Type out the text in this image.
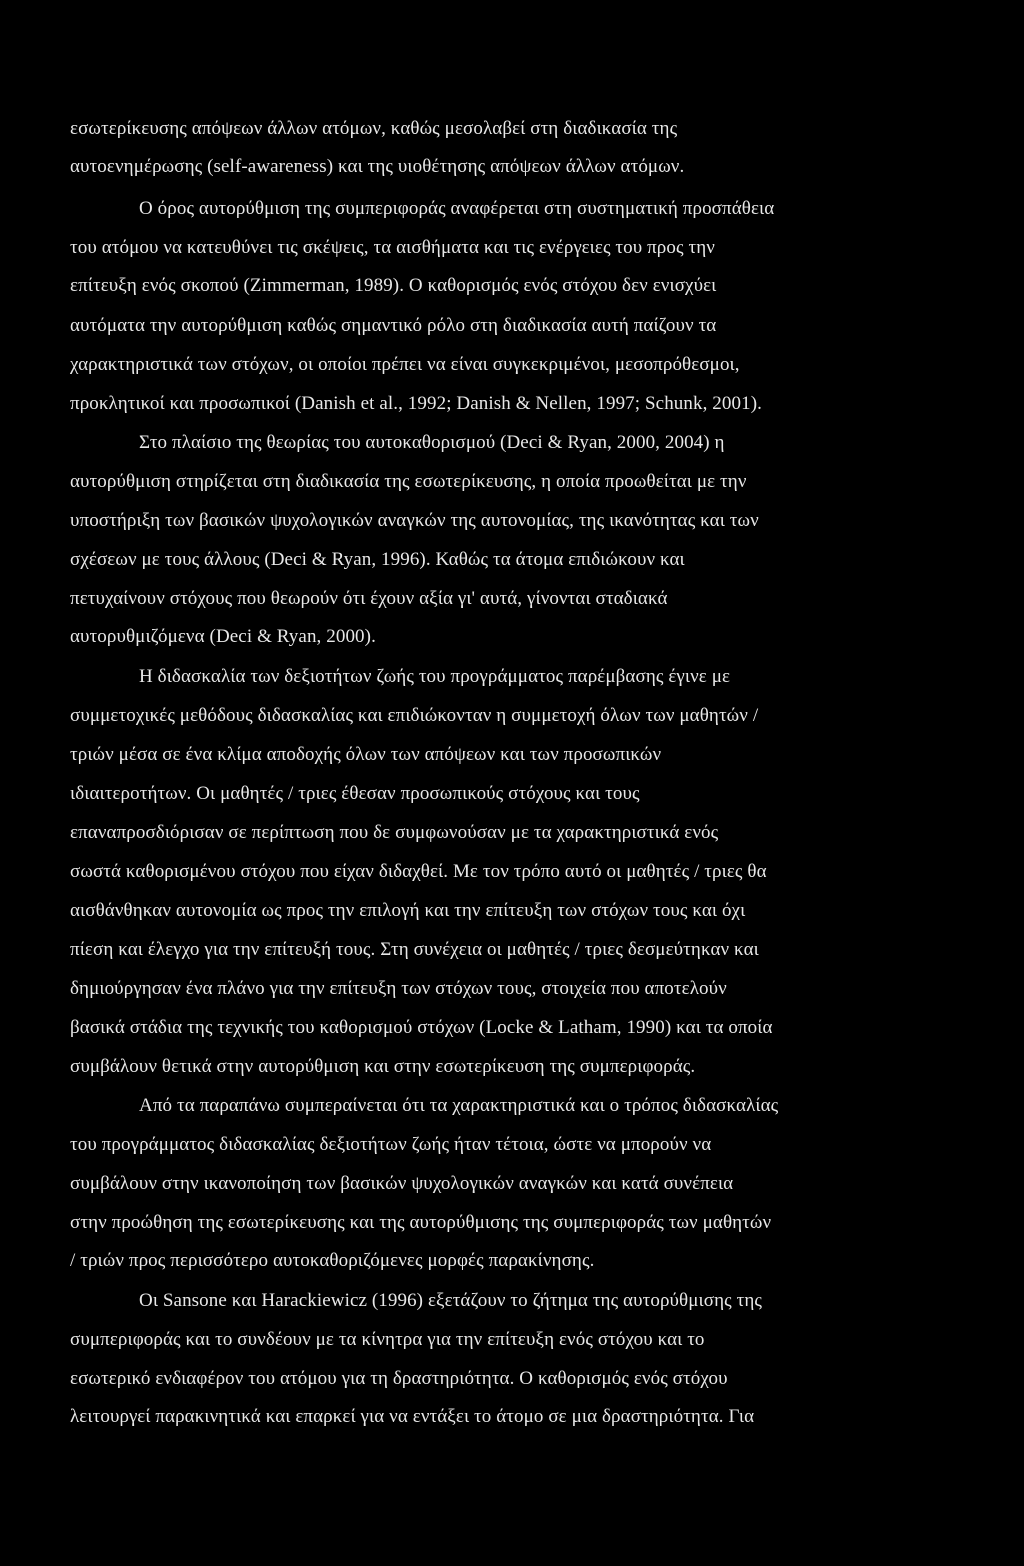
εσωτερίκευσης απόψεων άλλων ατόμων, καθώς μεσολαβεί στη διαδικασία της
αυτοενημέρωσης (self-awareness) και της υιοθέτησης απόψεων άλλων ατόμων.
Ο όρος αυτορύθμιση της συμπεριφοράς αναφέρεται στη συστηματική προσπάθεια
του ατόμου να κατευθύνει τις σκέψεις, τα αισθήματα και τις ενέργειες του προς την
επίτευξη ενός σκοπού (Zimmerman, 1989). Ο καθορισμός ενός στόχου δεν ενισχύει
αυτόματα την αυτορύθμιση καθώς σημαντικό ρόλο στη διαδικασία αυτή παίζουν τα
χαρακτηριστικά των στόχων, οι οποίοι πρέπει να είναι συγκεκριμένοι, μεσοπρόθεσμοι,
προκλητικοί και προσωπικοί (Danish et al., 1992; Danish & Nellen, 1997; Schunk, 2001).
Στο πλαίσιο της θεωρίας του αυτοκαθορισμού (Deci & Ryan, 2000, 2004) η
αυτορύθμιση στηρίζεται στη διαδικασία της εσωτερίκευσης, η οποία προωθείται με την
υποστήριξη των βασικών ψυχολογικών αναγκών της αυτονομίας, της ικανότητας και των
σχέσεων με τους άλλους (Deci & Ryan, 1996). Καθώς τα άτομα επιδιώκουν και
πετυχαίνουν στόχους που θεωρούν ότι έχουν αξία γι' αυτά, γίνονται σταδιακά
αυτορυθμιζόμενα (Deci & Ryan, 2000).
Η διδασκαλία των δεξιοτήτων ζωής του προγράμματος παρέμβασης έγινε με
συμμετοχικές μεθόδους διδασκαλίας και επιδιώκονταν η συμμετοχή όλων των μαθητών /
τριών μέσα σε ένα κλίμα αποδοχής όλων των απόψεων και των προσωπικών
ιδιαιτεροτήτων. Οι μαθητές / τριες έθεσαν προσωπικούς στόχους και τους
επαναπροσδιόρισαν σε περίπτωση που δε συμφωνούσαν με τα χαρακτηριστικά ενός
σωστά καθορισμένου στόχου που είχαν διδαχθεί. Με τον τρόπο αυτό οι μαθητές / τριες θα
αισθάνθηκαν αυτονομία ως προς την επιλογή και την επίτευξη των στόχων τους και όχι
πίεση και έλεγχο για την επίτευξή τους. Στη συνέχεια οι μαθητές / τριες δεσμεύτηκαν και
δημιούργησαν ένα πλάνο για την επίτευξη των στόχων τους, στοιχεία που αποτελούν
βασικά στάδια της τεχνικής του καθορισμού στόχων (Locke & Latham, 1990) και τα οποία
συμβάλουν θετικά στην αυτορύθμιση και στην εσωτερίκευση της συμπεριφοράς.
Από τα παραπάνω συμπεραίνεται ότι τα χαρακτηριστικά και ο τρόπος διδασκαλίας
του προγράμματος διδασκαλίας δεξιοτήτων ζωής ήταν τέτοια, ώστε να μπορούν να
συμβάλουν στην ικανοποίηση των βασικών ψυχολογικών αναγκών και κατά συνέπεια
στην προώθηση της εσωτερίκευσης και της αυτορύθμισης της συμπεριφοράς των μαθητών
/ τριών προς περισσότερο αυτοκαθοριζόμενες μορφές παρακίνησης.
Οι Sansone και Harackiewicz (1996) εξετάζουν το ζήτημα της αυτορύθμισης της
συμπεριφοράς και το συνδέουν με τα κίνητρα για την επίτευξη ενός στόχου και το
εσωτερικό ενδιαφέρον του ατόμου για τη δραστηριότητα. Ο καθορισμός ενός στόχου
λειτουργεί παρακινητικά και επαρκεί για να εντάξει το άτομο σε μια δραστηριότητα. Για
